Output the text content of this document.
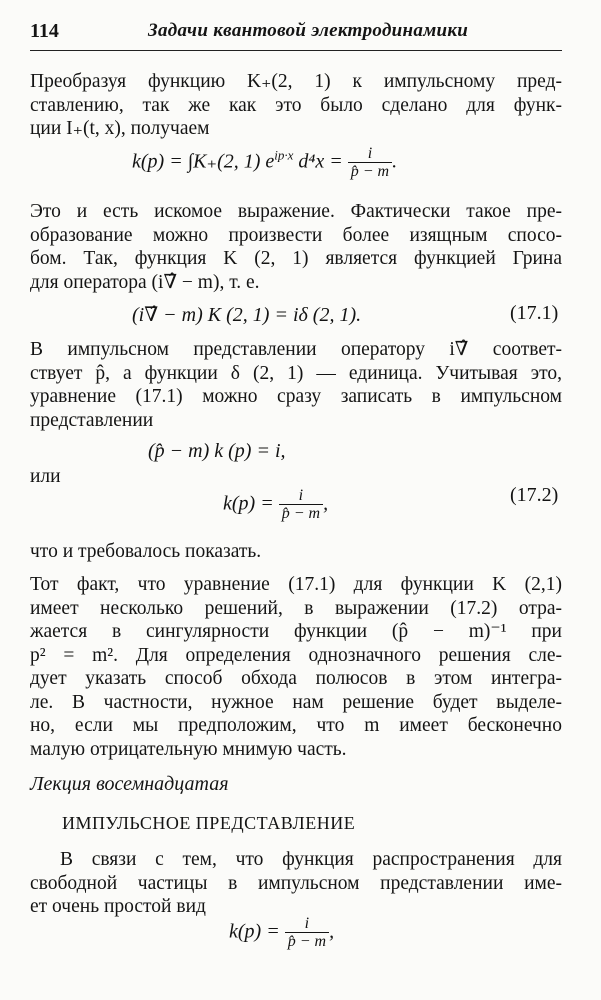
114	Задачи квантовой электродинамики
Преобразуя функцию K₊(2, 1) к импульсному пред-
ставлению, так же как это было сделано для функ-
ции I₊(t, x), получаем
k(p) = ∫K₊(2, 1) $e^{ip\cdot x}$ $d^4x = \frac{i}{p̂ - m}$ .
Это и есть искомое выражение. Фактически такое пре-
образование можно произвести более изящным спосо-
бом. Так, функция K (2, 1) является функцией Грина
для оператора (i∇̂ − m), т. е.
(i∇̂ − m) K (2, 1) = iδ (2, 1).	(17.1)
В импульсном представлении оператору i∇̂ соответ-
ствует p̂, а функции δ (2, 1) — единица. Учитывая это,
уравнение (17.1) можно сразу записать в импульсном
представлении
(p̂ − m) k (p) = i,
или
$k(p) = \frac{i}{p̂ - m}$ ,	(17.2)
что и требовалось показать.
Тот факт, что уравнение (17.1) для функции K (2,1)
имеет несколько решений, в выражении (17.2) отра-
жается в сингулярности функции (p̂ − m)⁻¹ при
p² = m². Для определения однозначного решения сле-
дует указать способ обхода полюсов в этом интегра-
ле. В частности, нужное нам решение будет выделе-
но, если мы предположим, что m имеет бесконечно
малую отрицательную мнимую часть.
Лекция восемнадцатая
ИМПУЛЬСНОЕ ПРЕДСТАВЛЕНИЕ
В связи с тем, что функция распространения для
свободной частицы в импульсном представлении име-
ет очень простой вид
$k(p) = \frac{i}{p̂ - m}$ ,
